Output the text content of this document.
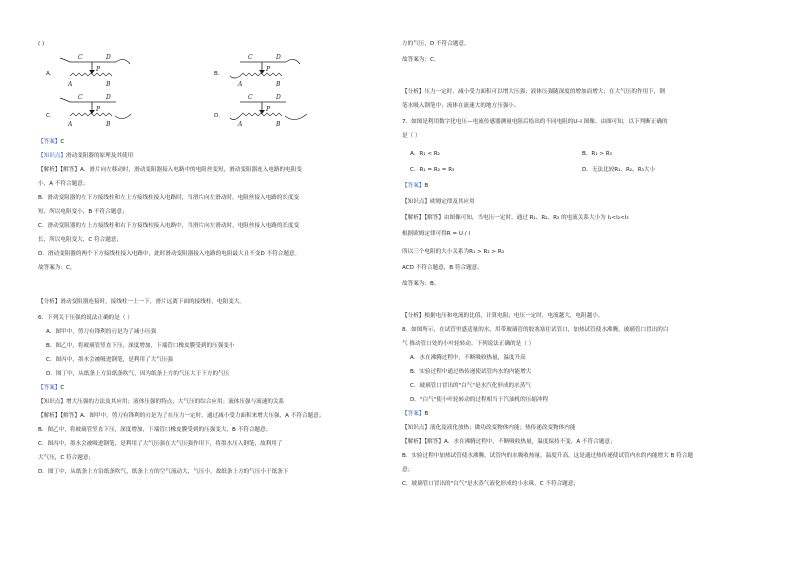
( )
A.
C	D
P
A	B
B.
C	D
P
A	B
C.
C	D
P
A	B
D.
C	D
P
A	B
【答案】C
【知识点】滑动变阻器的原理及其使用
【解析】【解答】A．滑片向左移动时，滑动变阻器接入电路中的电阻丝变短，滑动变阻器连入电路的电阻变
小，A 不符合题意；
B．滑动变阻器的左下方接线柱和左上方接线柱接入电路时，当滑片向左滑动时，电阻丝接入电路的长度变
短，所以电阻变小，B 不符合题意；
C．滑动变阻器的左上方接线柱和右下方接线柱接入电路中，当滑片向左滑动时，电阻丝接入电路的长度变
长，所以电阻变大，C 符合题意；
D．滑动变阻器的两个下方接线柱接入电路中，此时滑动变阻器接入电路的电阻最大且不变D 不符合题意。
故答案为：C。
【分析】滑动变阻器连接时，接线柱一上一下，滑片远离下面的接线柱，电阻变大。
6．下列关于压强的说法正确的是（ ）
A．图甲中，剪刀有锋利的刃是为了减小压强
B．图乙中，将玻璃管竖直下压，深度增加，下端管口橡皮膜受到的压强变小
C．图丙中，墨水会被吸进钢笔，是利用了大气压强
D．图丁中，从纸条上方沿纸条吹气，因为纸条上方的气压大于下方的气压
【答案】C
【知识点】增大压强的方法及其应用；液体压强的特点；大气压的综合应用；流体压强与流速的关系
【解析】【解答】A．图甲中，剪刀有锋利的刃是为了在压力一定时，通过减小受力面积来增大压强，A 不符合题意；
B．图乙中，将玻璃管竖直下压，深度增加，下端管口橡皮膜受到的压强变大，B 不符合题意；
C．图丙中，墨水会被吸进钢笔，是利用了大气压强在大气压强作用下，将墨水压入钢笔，故利用了
大气压，C 符合题意；
D．图丁中，从纸条上方沿纸条吹气，纸条上方的空气流动大，气压小，故纸条上方的气压小于纸条下
方的气压，D 不符合题意。
故答案为：C。
【分析】压力一定时，减小受力面积可以增大压强；液体压强随深度的增加而增大；在大气压的作用下，钢
笔水吸入钢笔中；流体在流速大的地方压强小。
7．如图是利用数字化电压—电流传感器测量电阻后绘出的不同电阻的U–I 图像。由图可知，以下判断正确的
是（ ）
A．R₁ < R₂	B．R₁ > R₃
C．R₁ = R₂ = R₃	D．无法比较R₁、R₂、R₃大小
【答案】B
【知识点】欧姆定律及其应用
【解析】【解答】由图像可知，当电压一定时，通过 R₁、R₂、R₃ 的电流关系大小为 I₁<I₂<I₃
根据欧姆定律可得R = U / I
所以三个电阻的大小关系为R₁ > R₂ > R₃
ACD 不符合题意，B 符合题意。
故答案为：B。
【分析】根据电压和电流的比值，计算电阻；电压一定时，电流越大，电阻越小。
8．如图所示，在试管里盛适量的水，用带玻璃管的胶塞塞住试管口，加热试管使水沸腾，玻璃管口冒出的白
气 推动管口处的小叶轮转动。下列说法正确的是（ ）
A．水在沸腾过程中，不断吸收热量，温度升高
B．实验过程中通过热传递使试管内水的内能增大
C．玻璃管口冒出的"白气"是水汽化形成的水蒸气
D．"白气"使小叶轮转动的过程相当于汽油机的压缩冲程
【答案】B
【知识点】液化及液化放热；做功改变物体内能；热传递改变物体内能
【解析】【解答】A．水在沸腾过程中，不断吸收热量，温度保持不变，A 不符合题意；
B．实验过程中加热试管使水沸腾，试管内的水吸收热量，温度升高，这是通过热传递使试管内水的内能增大 B 符合题
意；
C．玻璃管口冒出的"白气"是水蒸气液化形成的小水珠，C 不符合题意；
